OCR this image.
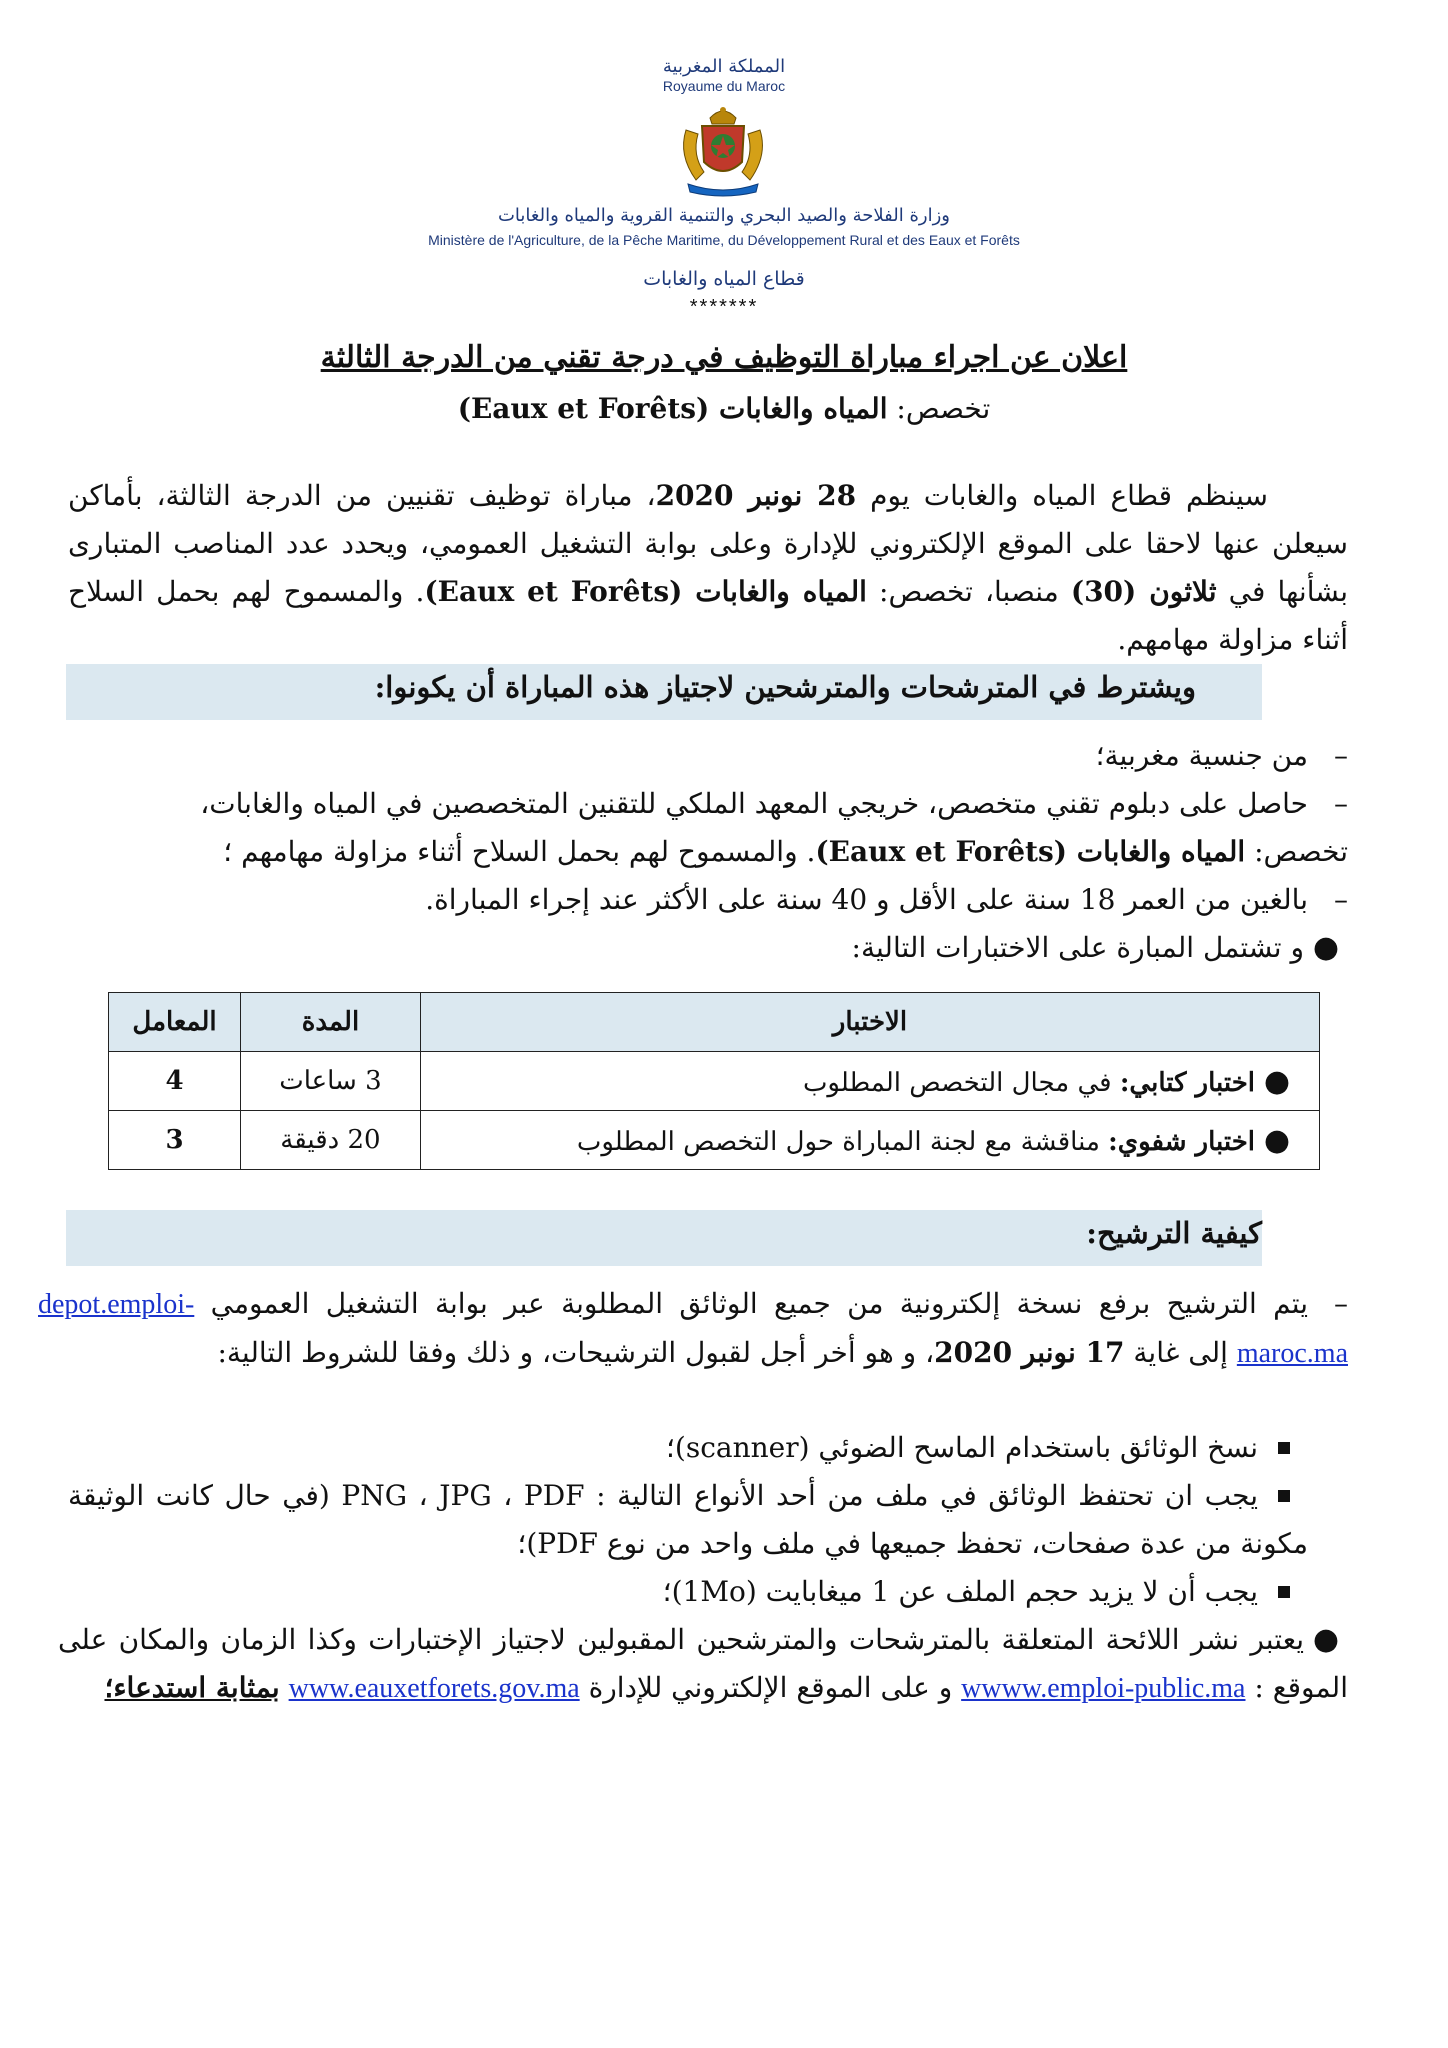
المملكة المغربية
Royaume du Maroc
وزارة الفلاحة والصيد البحري والتنمية القروية والمياه والغابات
Ministère de l'Agriculture, de la Pêche Maritime, du Développement Rural et des Eaux et Forêts
قطاع المياه والغابات
*******
اعلان عن اجراء مباراة التوظيف في درجة تقني من الدرجة الثالثة
تخصص: المياه والغابات (Eaux et Forêts)
سينظم قطاع المياه والغابات يوم 28 نونبر 2020، مباراة توظيف تقنيين من الدرجة الثالثة، بأماكن سيعلن عنها لاحقا على الموقع الإلكتروني للإدارة وعلى بوابة التشغيل العمومي، ويحدد عدد المناصب المتبارى بشأنها في ثلاثون (30) منصبا، تخصص: المياه والغابات (Eaux et Forêts). والمسموح لهم بحمل السلاح أثناء مزاولة مهامهم.
ويشترط في المترشحات والمترشحين لاجتياز هذه المباراة أن يكونوا:
–من جنسية مغربية؛
–حاصل على دبلوم تقني متخصص، خريجي المعهد الملكي للتقنين المتخصصين في المياه والغابات، تخصص: المياه والغابات (Eaux et Forêts). والمسموح لهم بحمل السلاح أثناء مزاولة مهامهم ؛
–بالغين من العمر 18 سنة على الأقل و 40 سنة على الأكثر عند إجراء المباراة.
●و تشتمل المبارة على الاختبارات التالية:
الاختبار	المدة	المعامل
●اختبار كتابي: في مجال التخصص المطلوب	3 ساعات	4
●اختبار شفوي: مناقشة مع لجنة المباراة حول التخصص المطلوب	20 دقيقة	3
كيفية الترشيح:
–يتم الترشيح برفع نسخة إلكترونية من جميع الوثائق المطلوبة عبر بوابة التشغيل العمومي depot.emploi-maroc.ma إلى غاية 17 نونبر 2020، و هو أخر أجل لقبول الترشيحات، و ذلك وفقا للشروط التالية:
نسخ الوثائق باستخدام الماسح الضوئي (scanner)؛
يجب ان تحتفظ الوثائق في ملف من أحد الأنواع التالية : PNG ، JPG ، PDF (في حال كانت الوثيقة مكونة من عدة صفحات، تحفظ جميعها في ملف واحد من نوع PDF)؛
يجب أن لا يزيد حجم الملف عن 1 ميغابايت (1Mo)؛
●يعتبر نشر اللائحة المتعلقة بالمترشحات والمترشحين المقبولين لاجتياز الإختبارات وكذا الزمان والمكان على الموقع : wwww.emploi-public.ma و على الموقع الإلكتروني للإدارة www.eauxetforets.gov.ma بمثابة استدعاء؛
